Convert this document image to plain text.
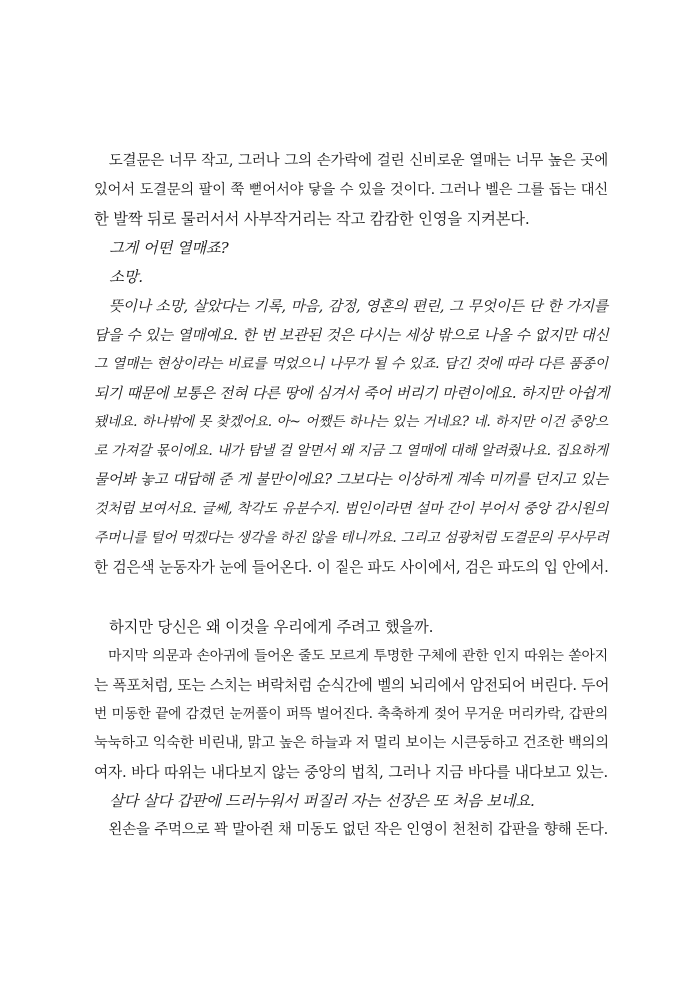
　도결문은 너무 작고, 그러나 그의 손가락에 걸린 신비로운 열매는 너무 높은 곳에
있어서 도결문의 팔이 쭉 뻗어서야 닿을 수 있을 것이다. 그러나 벨은 그를 돕는 대신
한 발짝 뒤로 물러서서 사부작거리는 작고 캄캄한 인영을 지켜본다.
　그게 어떤 열매죠?
　소망.
　뜻이나 소망, 살았다는 기록, 마음, 감정, 영혼의 편린, 그 무엇이든 단 한 가지를
담을 수 있는 열매예요. 한 번 보관된 것은 다시는 세상 밖으로 나올 수 없지만 대신
그 열매는 현상이라는 비료를 먹었으니 나무가 될 수 있죠. 담긴 것에 따라 다른 품종이
되기 때문에 보통은 전혀 다른 땅에 심겨서 죽어 버리기 마련이에요. 하지만 아쉽게
됐네요. 하나밖에 못 찾겠어요. 아~ 어쨌든 하나는 있는 거네요? 네. 하지만 이건 중앙으
로 가져갈 몫이에요. 내가 탐낼 걸 알면서 왜 지금 그 열매에 대해 알려줬나요. 집요하게
물어봐 놓고 대답해 준 게 불만이에요? 그보다는 이상하게 계속 미끼를 던지고 있는
것처럼 보여서요. 글쎄, 착각도 유분수지. 범인이라면 설마 간이 부어서 중앙 감시원의
주머니를 털어 먹겠다는 생각을 하진 않을 테니까요. 그리고 섬광처럼 도결문의 무사무려
한 검은색 눈동자가 눈에 들어온다. 이 짙은 파도 사이에서, 검은 파도의 입 안에서.
　하지만 당신은 왜 이것을 우리에게 주려고 했을까.
　마지막 의문과 손아귀에 들어온 줄도 모르게 투명한 구체에 관한 인지 따위는 쏟아지
는 폭포처럼, 또는 스치는 벼락처럼 순식간에 벨의 뇌리에서 암전되어 버린다. 두어
번 미동한 끝에 감겼던 눈꺼풀이 퍼뜩 벌어진다. 축축하게 젖어 무거운 머리카락, 갑판의
눅눅하고 익숙한 비린내, 맑고 높은 하늘과 저 멀리 보이는 시큰둥하고 건조한 백의의
여자. 바다 따위는 내다보지 않는 중앙의 법칙, 그러나 지금 바다를 내다보고 있는.
　살다 살다 갑판에 드러누워서 퍼질러 자는 선장은 또 처음 보네요.
　왼손을 주먹으로 꽉 말아쥔 채 미동도 없던 작은 인영이 천천히 갑판을 향해 돈다.
